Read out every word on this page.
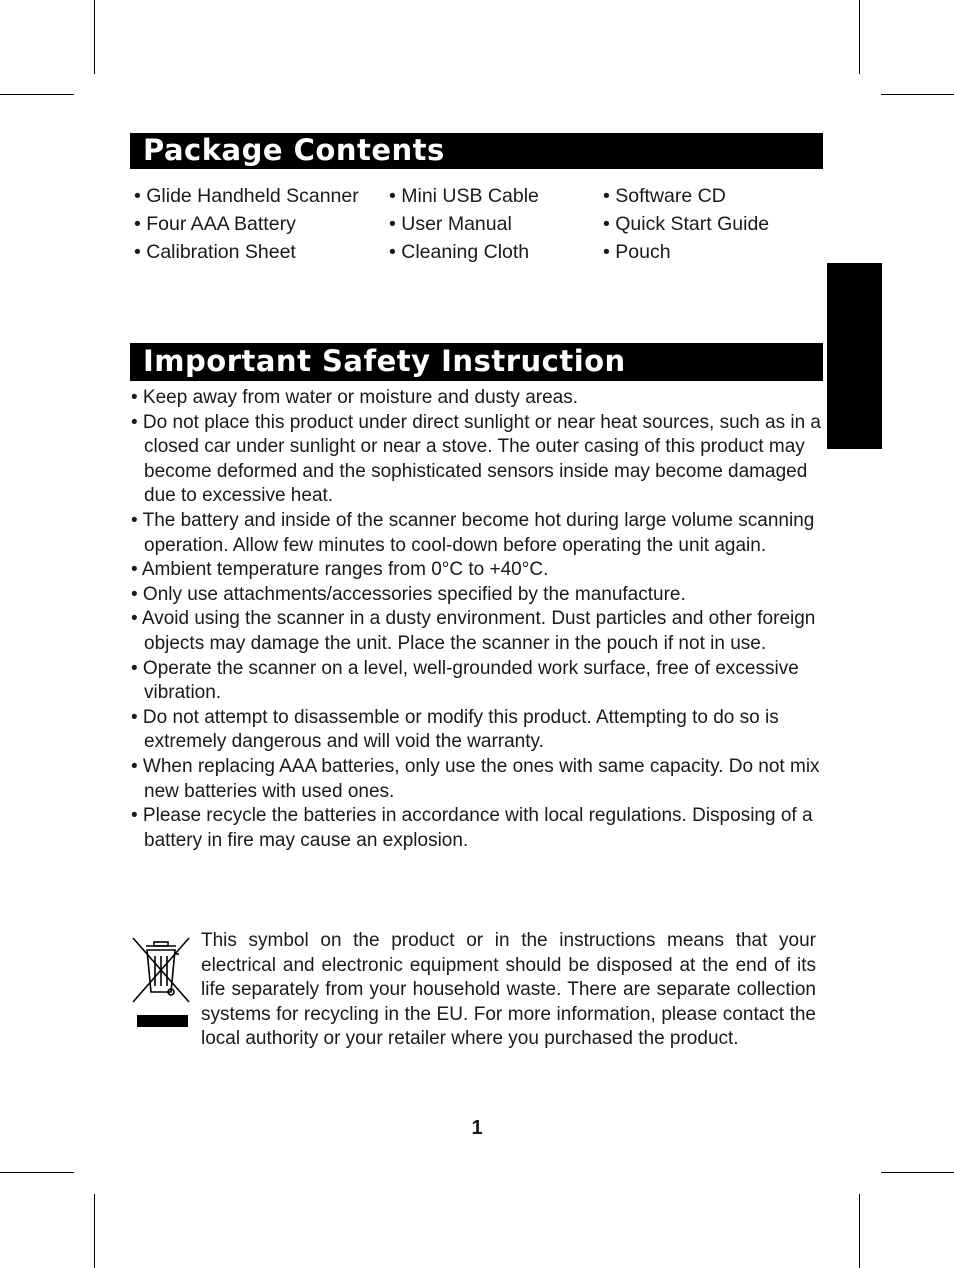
Package Contents
• Glide Handheld Scanner
• Four AAA Battery
• Calibration Sheet
• Mini USB Cable
• User Manual
• Cleaning Cloth
• Software CD
• Quick Start Guide
• Pouch
Important Safety Instruction
• Keep away from water or moisture and dusty areas.
• Do not place this product under direct sunlight or near heat sources, such as in a closed car under sunlight or near a stove. The outer casing of this product may become deformed and the sophisticated sensors inside may become damaged due to excessive heat.
• The battery and inside of the scanner become hot during large volume scanning operation. Allow few minutes to cool-down before operating the unit again.
• Ambient temperature ranges from 0°C to +40°C.
• Only use attachments/accessories specified by the manufacture.
• Avoid using the scanner in a dusty environment. Dust particles and other foreign objects may damage the unit. Place the scanner in the pouch if not in use.
• Operate the scanner on a level, well-grounded work surface, free of excessive vibration.
• Do not attempt to disassemble or modify this product. Attempting to do so is extremely dangerous and will void the warranty.
• When replacing AAA batteries, only use the ones with same capacity. Do not mix new batteries with used ones.
• Please recycle the batteries in accordance with local regulations. Disposing of a battery in fire may cause an explosion.

This symbol on the product or in the instructions means that your electrical and electronic equipment should be disposed at the end of its life separately from your household waste. There are separate collection systems for recycling in the EU. For more information, please contact the local authority or your retailer where you purchased the product.

1
